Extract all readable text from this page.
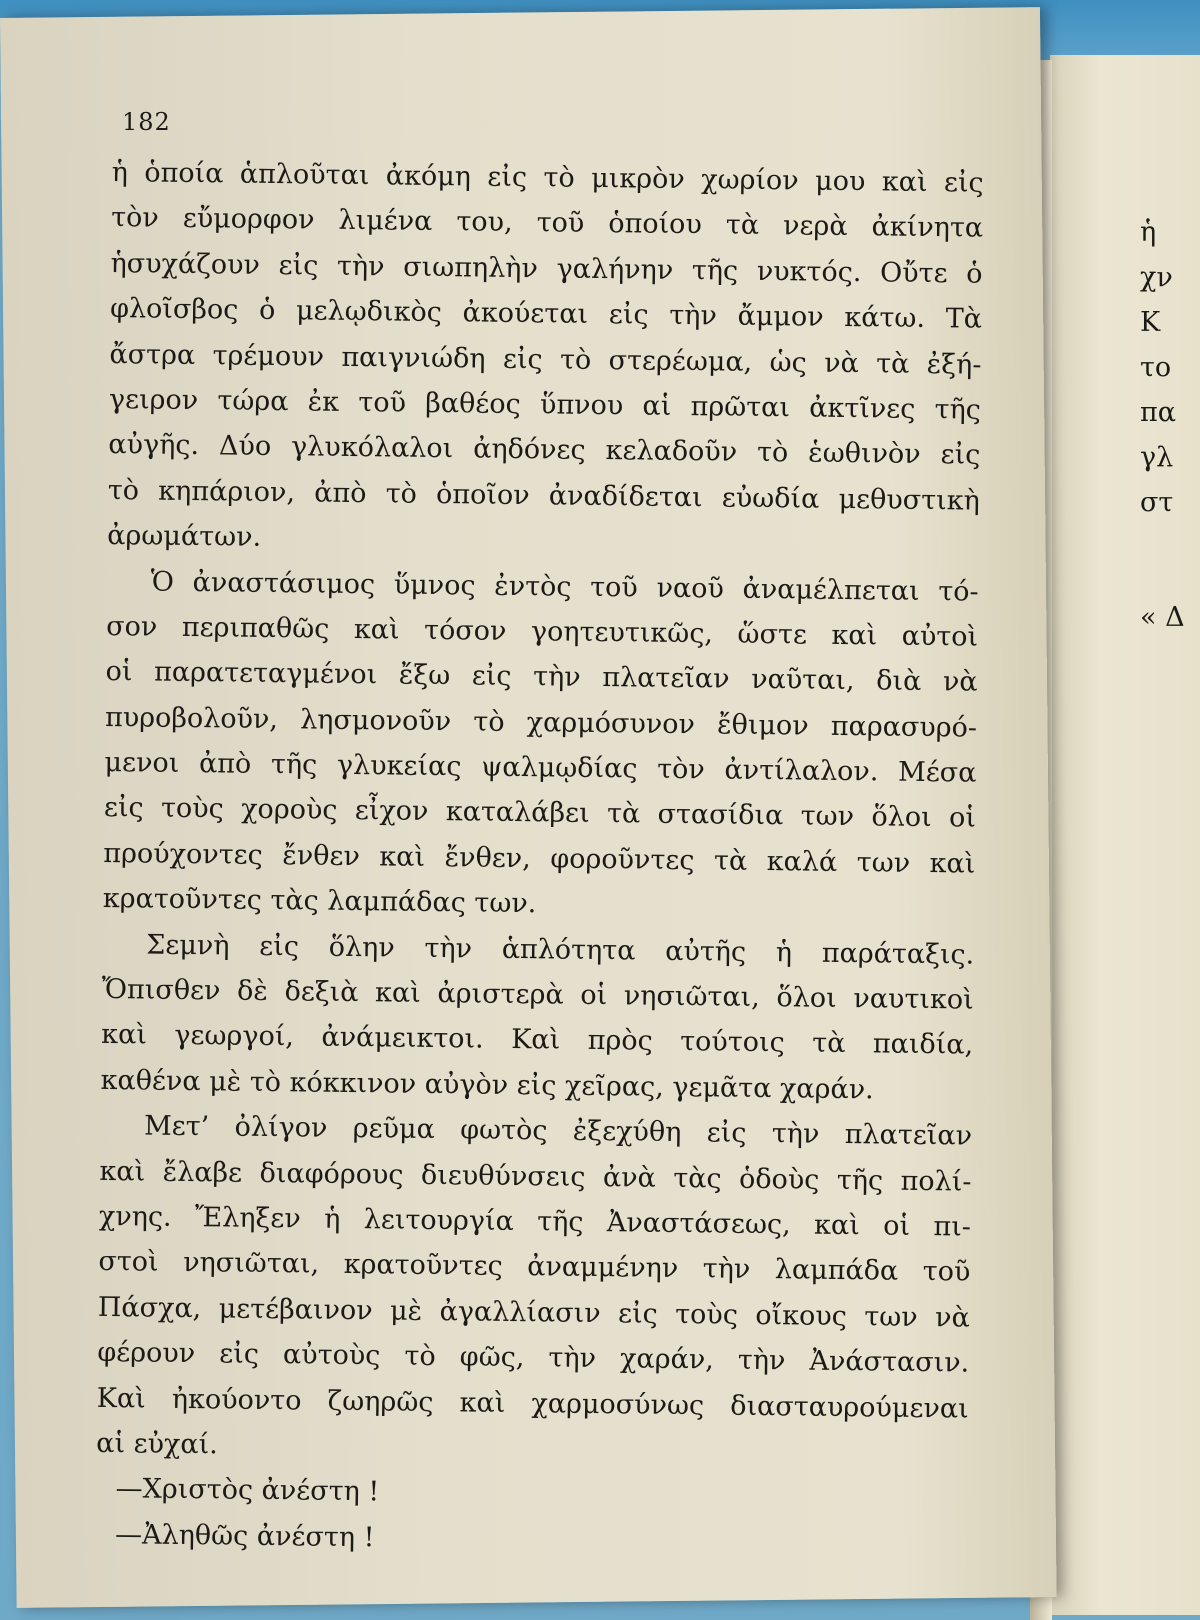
182
ἡ ὁποία ἁπλοῦται ἀκόμη εἰς τὸ μικρὸν χωρίον μου καὶ εἰς
τὸν εὔμορφον λιμένα του, τοῦ ὁποίου τὰ νερὰ ἀκίνητα
ἡσυχάζουν εἰς τὴν σιωπηλὴν γαλήνην τῆς νυκτός. Οὔτε ὁ
φλοῖσβος ὁ μελῳδικὸς ἀκούεται εἰς τὴν ἄμμον κάτω. Τὰ
ἄστρα τρέμουν παιγνιώδη εἰς τὸ στερέωμα, ὡς νὰ τὰ ἐξή-
γειρον τώρα ἐκ τοῦ βαθέος ὕπνου αἱ πρῶται ἀκτῖνες τῆς
αὐγῆς. Δύο γλυκόλαλοι ἀηδόνες κελαδοῦν τὸ ἑωθινὸν εἰς
τὸ κηπάριον, ἀπὸ τὸ ὁποῖον ἀναδίδεται εὐωδία μεθυστικὴ
ἀρωμάτων.
Ὁ ἀναστάσιμος ὕμνος ἐντὸς τοῦ ναοῦ ἀναμέλπεται τό-
σον περιπαθῶς καὶ τόσον γοητευτικῶς, ὥστε καὶ αὐτοὶ
οἱ παρατεταγμένοι ἔξω εἰς τὴν πλατεῖαν ναῦται, διὰ νὰ
πυροβολοῦν, λησμονοῦν τὸ χαρμόσυνον ἔθιμον παρασυρό-
μενοι ἀπὸ τῆς γλυκείας ψαλμῳδίας τὸν ἀντίλαλον. Μέσα
εἰς τοὺς χοροὺς εἶχον καταλάβει τὰ στασίδια των ὅλοι οἱ
προύχοντες ἔνθεν καὶ ἔνθεν, φοροῦντες τὰ καλά των καὶ
κρατοῦντες τὰς λαμπάδας των.
Σεμνὴ εἰς ὅλην τὴν ἁπλότητα αὐτῆς ἡ παράταξις.
Ὄπισθεν δὲ δεξιὰ καὶ ἀριστερὰ οἱ νησιῶται, ὅλοι ναυτικοὶ
καὶ γεωργοί, ἀνάμεικτοι. Καὶ πρὸς τούτοις τὰ παιδία,
καθένα μὲ τὸ κόκκινον αὐγὸν εἰς χεῖρας, γεμᾶτα χαράν.
Μετ’ ὀλίγον ρεῦμα φωτὸς ἐξεχύθη εἰς τὴν πλατεῖαν
καὶ ἔλαβε διαφόρους διευθύνσεις ἀνὰ τὰς ὁδοὺς τῆς πολί-
χνης. Ἔληξεν ἡ λειτουργία τῆς Ἀναστάσεως, καὶ οἱ πι-
στοὶ νησιῶται, κρατοῦντες ἀναμμένην τὴν λαμπάδα τοῦ
Πάσχα, μετέβαινον μὲ ἀγαλλίασιν εἰς τοὺς οἴκους των νὰ
φέρουν εἰς αὐτοὺς τὸ φῶς, τὴν χαράν, τὴν Ἀνάστασιν.
Καὶ ἠκούοντο ζωηρῶς καὶ χαρμοσύνως διασταυρούμεναι
αἱ εὐχαί.
—Χριστὸς ἀνέστη !
—Ἀληθῶς ἀνέστη !
ἡ
χν
Κ
το
πα
γλ
στ
« Δ
